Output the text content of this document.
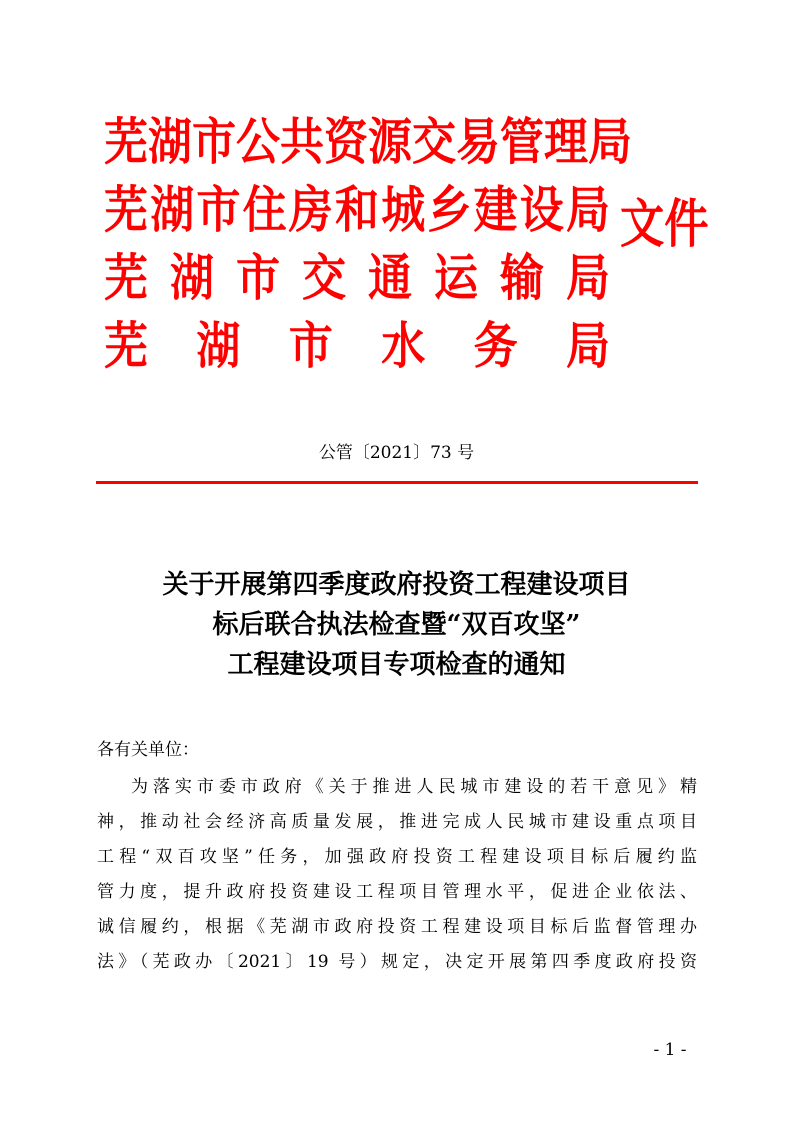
芜 湖 市 公 共 资 源 交 易 管 理 局
芜 湖 市 住 房 和 城 乡 建 设 局
芜 湖 市 交 通 运 输 局
芜 湖 市 水 务 局
文件
公管〔2021〕73 号
关于开展第四季度政府投资工程建设项目
标后联合执法检查暨“双百攻坚”
工程建设项目专项检查的通知
各有关单位：
为落实市委市政府《关于推进人民城市建设的若干意见》精
神，推动社会经济高质量发展，推进完成人民城市建设重点项目
工程“双百攻坚”任务，加强政府投资工程建设项目标后履约监
管力度，提升政府投资建设工程项目管理水平，促进企业依法、
诚信履约，根据《芜湖市政府投资工程建设项目标后监督管理办
法》（芜政办〔2021〕19 号）规定，决定开展第四季度政府投资
- 1 -
